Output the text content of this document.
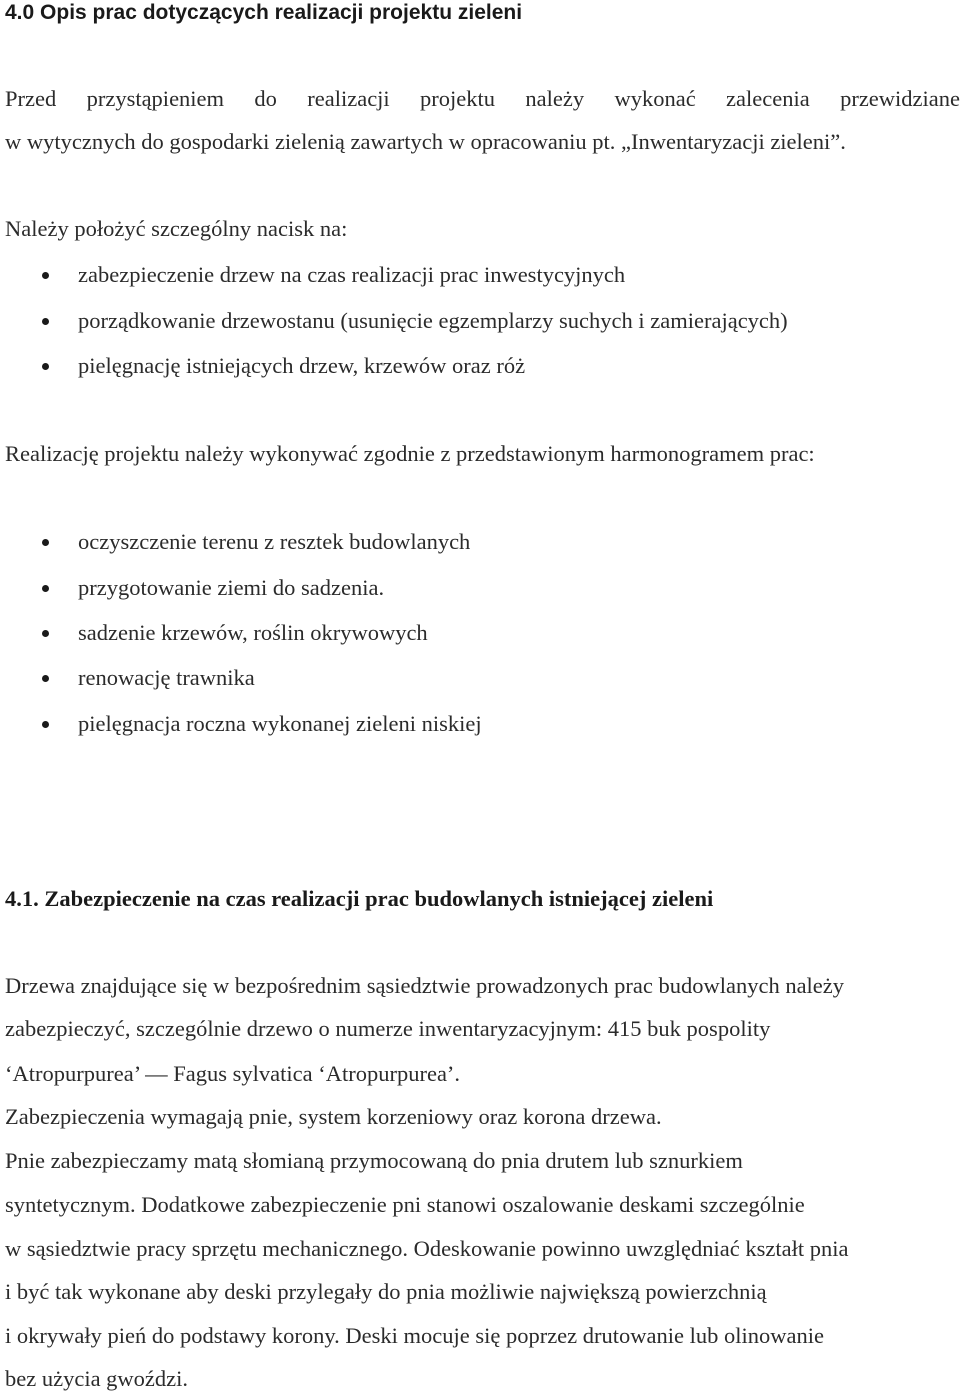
4.0 Opis prac dotyczących realizacji projektu zieleni
Przed przystąpieniem do realizacji projektu należy wykonać zalecenia przewidziane
w wytycznych do gospodarki zielenią zawartych w opracowaniu pt. „Inwentaryzacji zieleni”.
Należy położyć szczególny nacisk na:
zabezpieczenie drzew na czas realizacji prac inwestycyjnych
porządkowanie drzewostanu (usunięcie egzemplarzy suchych i zamierających)
pielęgnację istniejących drzew, krzewów oraz róż
Realizację projektu należy wykonywać zgodnie z przedstawionym harmonogramem prac:
oczyszczenie terenu z resztek budowlanych
przygotowanie ziemi do sadzenia.
sadzenie krzewów, roślin okrywowych
renowację trawnika
pielęgnacja roczna wykonanej zieleni niskiej
4.1. Zabezpieczenie na czas realizacji prac budowlanych istniejącej zieleni
Drzewa znajdujące się w bezpośrednim sąsiedztwie prowadzonych prac budowlanych należy
zabezpieczyć, szczególnie drzewo o numerze inwentaryzacyjnym: 415 buk pospolity
‘Atropurpurea’ — Fagus sylvatica ‘Atropurpurea’.
Zabezpieczenia wymagają pnie, system korzeniowy oraz korona drzewa.
Pnie zabezpieczamy matą słomianą przymocowaną do pnia drutem lub sznurkiem
syntetycznym. Dodatkowe zabezpieczenie pni stanowi oszalowanie deskami szczególnie
w sąsiedztwie pracy sprzętu mechanicznego. Odeskowanie powinno uwzględniać kształt pnia
i być tak wykonane aby deski przylegały do pnia możliwie największą powierzchnią
i okrywały pień do podstawy korony. Deski mocuje się poprzez drutowanie lub olinowanie
bez użycia gwoździ.
